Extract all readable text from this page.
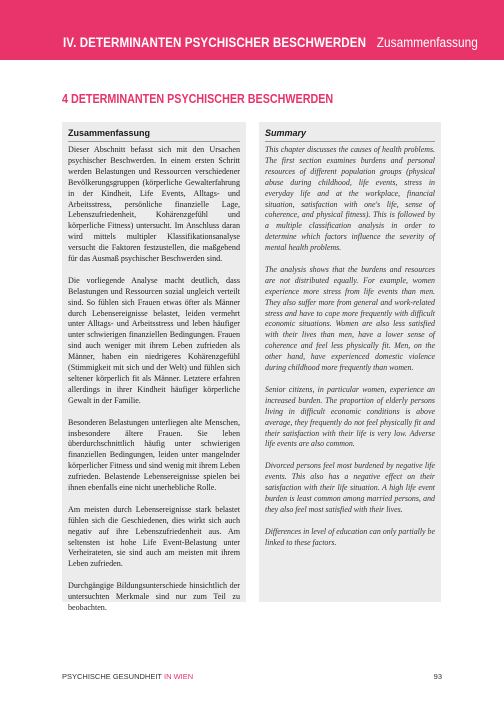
IV. DETERMINANTEN PSYCHISCHER BESCHWERDEN Zusammenfassung
4 DETERMINANTEN PSYCHISCHER BESCHWERDEN
Zusammenfassung

Dieser Abschnitt befasst sich mit den Ursachen psychischer Beschwerden. In einem ersten Schritt werden Belastungen und Ressourcen verschiedener Bevölkerungsgruppen (körperliche Gewalterfahrung in der Kindheit, Life Events, Alltags- und Arbeitsstress, persönliche finanzielle Lage, Lebenszufriedenheit, Kohärenzgefühl und körperliche Fitness) untersucht. Im Anschluss daran wird mittels multipler Klassifikationsanalyse versucht die Faktoren festzustellen, die maßgebend für das Ausmaß psychischer Beschwerden sind.

Die vorliegende Analyse macht deutlich, dass Belastungen und Ressourcen sozial ungleich verteilt sind. So fühlen sich Frauen etwas öfter als Männer durch Lebensereignisse belastet, leiden vermehrt unter Alltags- und Arbeitsstress und leben häufiger unter schwierigen finanziellen Bedingungen. Frauen sind auch weniger mit ihrem Leben zufrieden als Männer, haben ein niedrigeres Kohärenzgefühl (Stimmigkeit mit sich und der Welt) und fühlen sich seltener körperlich fit als Männer. Letztere erfahren allerdings in ihrer Kindheit häufiger körperliche Gewalt in der Familie.

Besonderen Belastungen unterliegen alte Menschen, insbesondere ältere Frauen. Sie leben überdurchschnittlich häufig unter schwierigen finanziellen Bedingungen, leiden unter mangelnder körperlicher Fitness und sind wenig mit ihrem Leben zufrieden. Belastende Lebensereignisse spielen bei ihnen ebenfalls eine nicht unerhebliche Rolle.

Am meisten durch Lebensereignisse stark belastet fühlen sich die Geschiedenen, dies wirkt sich auch negativ auf ihre Lebenszufriedenheit aus. Am seltensten ist hohe Life Event-Belastung unter Verheirateten, sie sind auch am meisten mit ihrem Leben zufrieden.

Durchgängige Bildungsunterschiede hinsichtlich der untersuchten Merkmale sind nur zum Teil zu beobachten.

Summary

This chapter discusses the causes of health problems. The first section examines burdens and personal resources of different population groups (physical abuse during childhood, life events, stress in everyday life and at the workplace, financial situation, satisfaction with one's life, sense of coherence, and physical fitness). This is followed by a multiple classification analysis in order to determine which factors influence the severity of mental health problems.

The analysis shows that the burdens and resources are not distributed equally. For example, women experience more stress from life events than men. They also suffer more from general and work-related stress and have to cope more frequently with difficult economic situations. Women are also less satisfied with their lives than men, have a lower sense of coherence and feel less physically fit. Men, on the other hand, have experienced domestic violence during childhood more frequently than women.

Senior citizens, in particular women, experience an increased burden. The proportion of elderly persons living in difficult economic conditions is above average, they frequently do not feel physically fit and their satisfaction with their life is very low. Adverse life events are also common.

Divorced persons feel most burdened by negative life events. This also has a negative effect on their satisfaction with their life situation. A high life event burden is least common among married persons, and they also feel most satisfied with their lives.

Differences in level of education can only partially be linked to these factors.

PSYCHISCHE GESUNDHEIT IN WIEN	93
